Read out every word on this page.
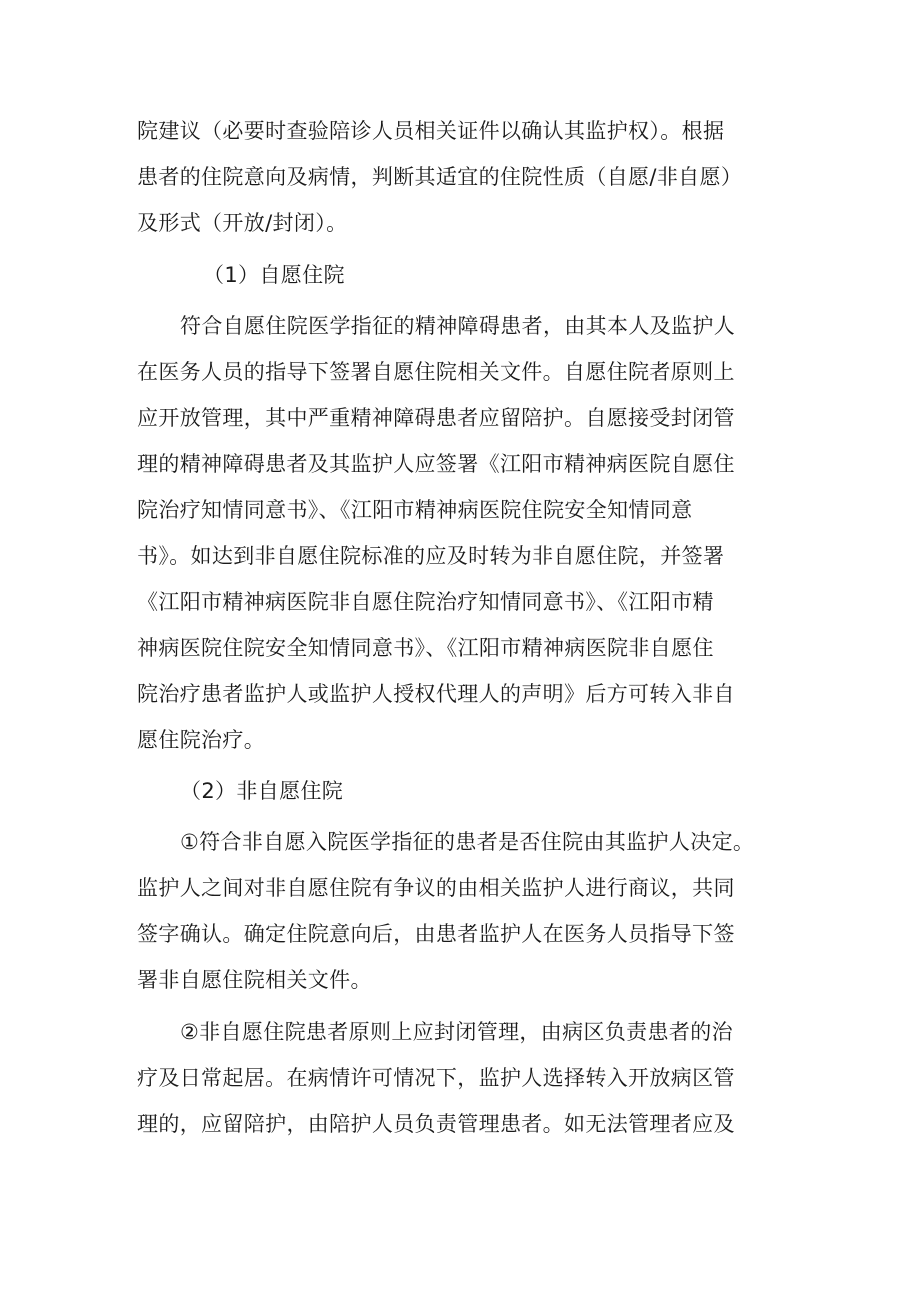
院建议（必要时查验陪诊人员相关证件以确认其监护权）。根据
患者的住院意向及病情，判断其适宜的住院性质（自愿/非自愿）
及形式（开放/封闭）。
（1）自愿住院
符合自愿住院医学指征的精神障碍患者，由其本人及监护人
在医务人员的指导下签署自愿住院相关文件。自愿住院者原则上
应开放管理，其中严重精神障碍患者应留陪护。自愿接受封闭管
理的精神障碍患者及其监护人应签署《江阳市精神病医院自愿住
院治疗知情同意书》、《江阳市精神病医院住院安全知情同意
书》。如达到非自愿住院标准的应及时转为非自愿住院，并签署
《江阳市精神病医院非自愿住院治疗知情同意书》、《江阳市精
神病医院住院安全知情同意书》、《江阳市精神病医院非自愿住
院治疗患者监护人或监护人授权代理人的声明》后方可转入非自
愿住院治疗。
（2）非自愿住院
①符合非自愿入院医学指征的患者是否住院由其监护人决定。
监护人之间对非自愿住院有争议的由相关监护人进行商议，共同
签字确认。确定住院意向后，由患者监护人在医务人员指导下签
署非自愿住院相关文件。
②非自愿住院患者原则上应封闭管理，由病区负责患者的治
疗及日常起居。在病情许可情况下，监护人选择转入开放病区管
理的，应留陪护，由陪护人员负责管理患者。如无法管理者应及
